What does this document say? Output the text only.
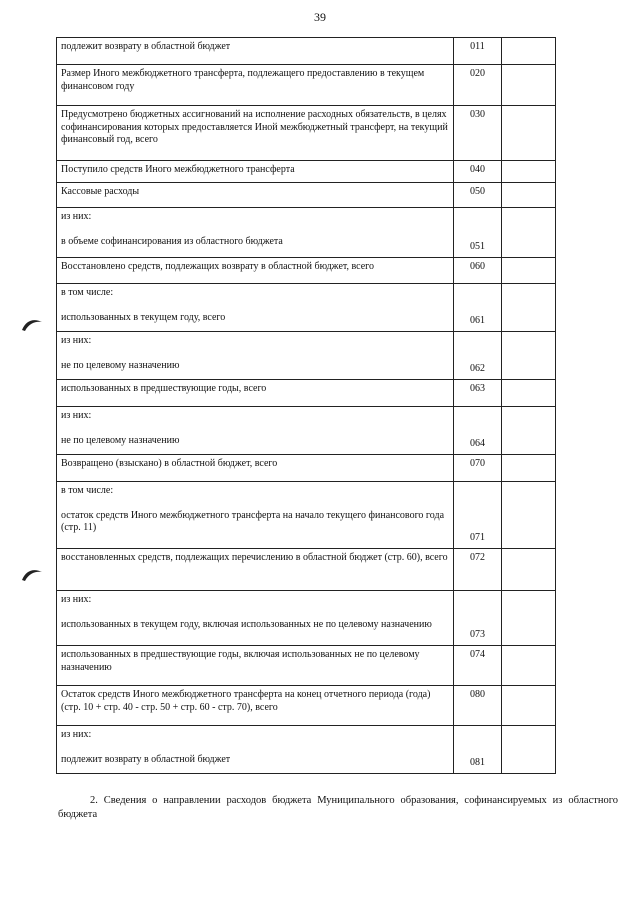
39
подлежит возврату в областной бюджет	011	
Размер Иного межбюджетного трансферта, подлежащего предоставлению в текущем финансовом году	020	
Предусмотрено бюджетных ассигнований на исполнение расходных обязательств, в целях софинансирования которых предоставляется Иной межбюджетный трансферт, на текущий финансовый год, всего	030	
Поступило средств Иного межбюджетного трансферта	040	
Кассовые расходы	050	

из них:
в объеме софинансирования из областного бюджета	051	
Восстановлено средств, подлежащих возврату в областной бюджет, всего	060	

в том числе:
использованных в текущем году, всего	061	

из них:
не по целевому назначению	062	
использованных в предшествующие годы, всего	063	

из них:
не по целевому назначению	064	
Возвращено (взыскано) в областной бюджет, всего	070	

в том числе:
остаток средств Иного межбюджетного трансферта на начало текущего финансового года (стр. 11)	071	
восстановленных средств, подлежащих перечислению в областной бюджет (стр. 60), всего	072	

из них:
использованных в текущем году, включая использованных не по целевому назначению	073	
использованных в предшествующие годы, включая использованных не по целевому назначению	074	
Остаток средств Иного межбюджетного трансферта на конец отчетного периода (года) (стр. 10 + стр. 40 - стр. 50 + стр. 60 - стр. 70), всего	080	

из них:
подлежит возврату в областной бюджет	081	
2. Сведения о направлении расходов бюджета Муниципального образования, софинансируемых из областного бюджета
